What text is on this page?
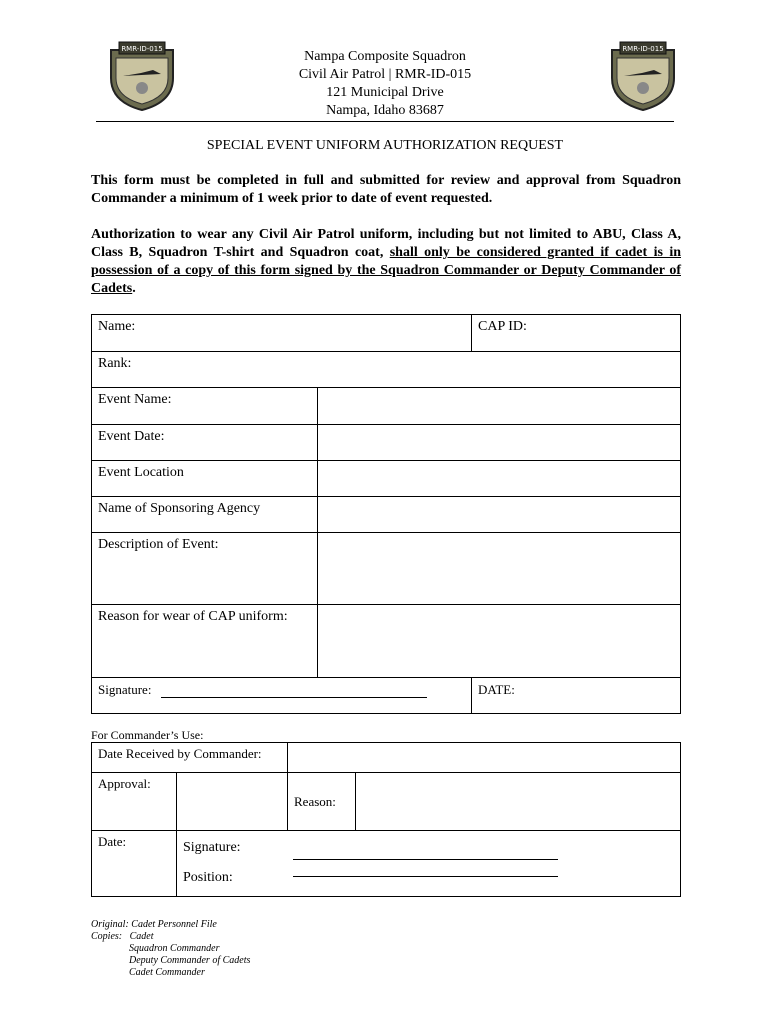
RMR-ID-015	RMR-ID-015
Nampa Composite Squadron
Civil Air Patrol | RMR-ID-015
121 Municipal Drive
Nampa, Idaho 83687
SPECIAL EVENT UNIFORM AUTHORIZATION REQUEST
This form must be completed in full and submitted for review and approval from Squadron Commander a minimum of 1 week prior to date of event requested.
Authorization to wear any Civil Air Patrol uniform, including but not limited to ABU, Class A, Class B, Squadron T-shirt and Squadron coat, shall only be considered granted if cadet is in possession of a copy of this form signed by the Squadron Commander or Deputy Commander of Cadets.
Name:		CAP ID:
Rank:		
Event Name:		
Event Date:		
Event Location		
Name of Sponsoring Agency		
Description of Event:		
Reason for wear of CAP uniform:		
Signature:		DATE:
For Commander’s Use:
Date Received by Commander:			
Approval:		Reason:	
Date:	Signature:
Position:		
Original: Cadet Personnel File
Copies:   Cadet
Squadron Commander
Deputy Commander of Cadets
Cadet Commander
